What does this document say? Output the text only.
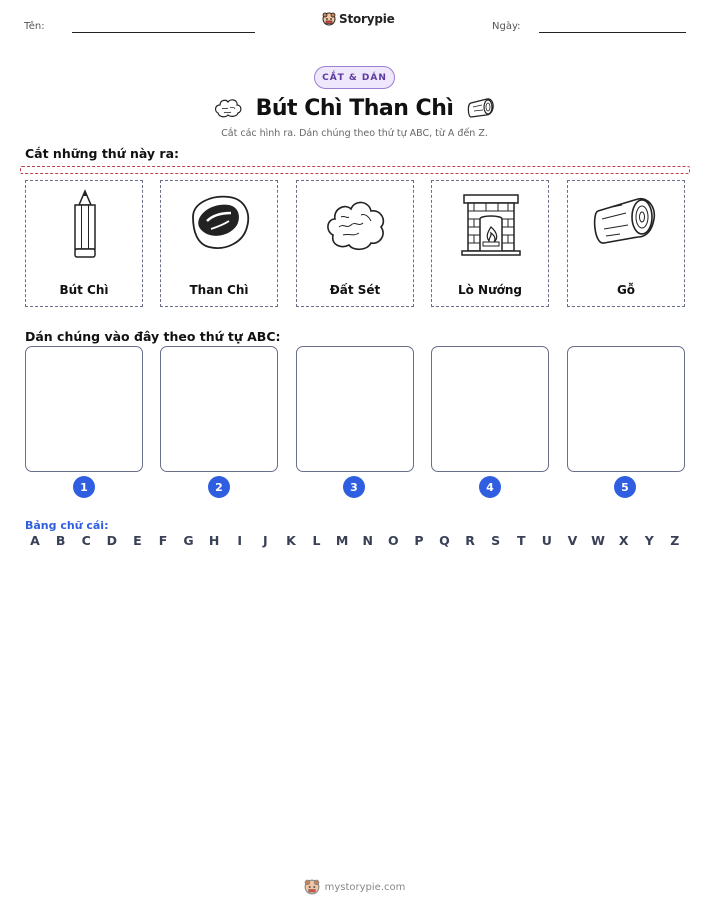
Tên:
Storypie
Ngày:
CẮT & DÁN
Bút Chì Than Chì
Cắt các hình ra. Dán chúng theo thứ tự ABC, từ A đến Z.
Cắt những thứ này ra:
Bút Chì	Than Chì	Đất Sét	Lò Nướng	Gỗ
Dán chúng vào đây theo thứ tự ABC:
1	2	3	4	5
Bảng chữ cái:
A	B	C	D	E	F	G	H	I	J	K	L	M	N	O	P	Q	R	S	T	U	V	W	X	Y	Z
mystorypie.com
